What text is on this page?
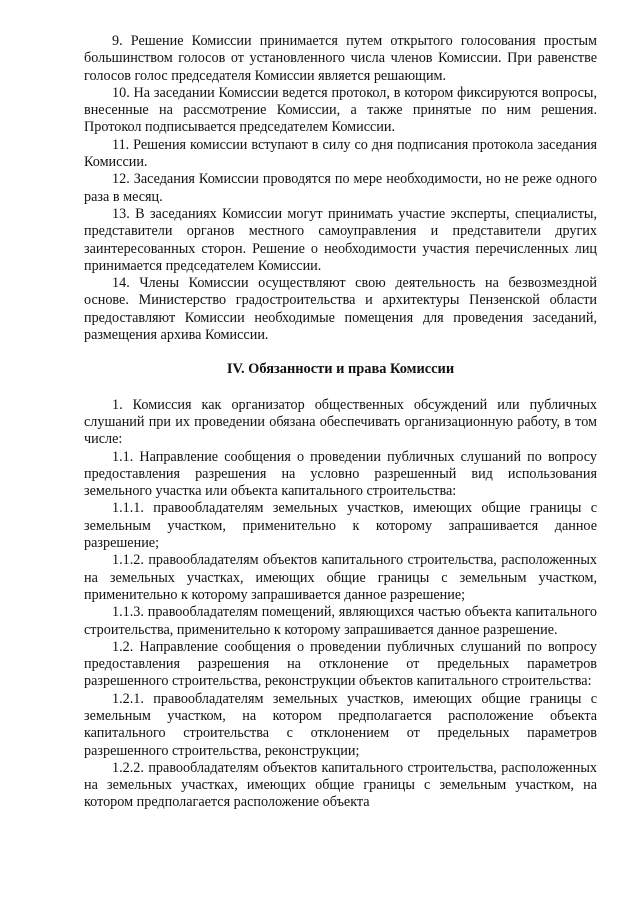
9. Решение Комиссии принимается путем открытого голосования простым большинством голосов от установленного числа членов Комиссии. При равенстве голосов голос председателя Комиссии является решающим.

10. На заседании Комиссии ведется протокол, в котором фиксируются вопросы, внесенные на рассмотрение Комиссии, а также принятые по ним решения. Протокол подписывается председателем Комиссии.

11. Решения комиссии вступают в силу со дня подписания протокола заседания Комиссии.

12. Заседания Комиссии проводятся по мере необходимости, но не реже одного раза в месяц.

13. В заседаниях Комиссии могут принимать участие эксперты, специалисты, представители органов местного самоуправления и представители других заинтересованных сторон. Решение о необходимости участия перечисленных лиц принимается председателем Комиссии.

14. Члены Комиссии осуществляют свою деятельность на безвозмездной основе. Министерство градостроительства и архитектуры Пензенской области предоставляют Комиссии необходимые помещения для проведения заседаний, размещения архива Комиссии.

IV. Обязанности и права Комиссии

1. Комиссия как организатор общественных обсуждений или публичных слушаний при их проведении обязана обеспечивать организационную работу, в том числе:

1.1. Направление сообщения о проведении публичных слушаний по вопросу предоставления разрешения на условно разрешенный вид использования земельного участка или объекта капитального строительства:

1.1.1. правообладателям земельных участков, имеющих общие границы с земельным участком, применительно к которому запрашивается данное разрешение;

1.1.2. правообладателям объектов капитального строительства, расположенных на земельных участках, имеющих общие границы с земельным участком, применительно к которому запрашивается данное разрешение;

1.1.3. правообладателям помещений, являющихся частью объекта капитального строительства, применительно к которому запрашивается данное разрешение.

1.2. Направление сообщения о проведении публичных слушаний по вопросу предоставления разрешения на отклонение от предельных параметров разрешенного строительства, реконструкции объектов капитального строительства:

1.2.1. правообладателям земельных участков, имеющих общие границы с земельным участком, на котором предполагается расположение объекта капитального строительства с отклонением от предельных параметров разрешенного строительства, реконструкции;

1.2.2. правообладателям объектов капитального строительства, расположенных на земельных участках, имеющих общие границы с земельным участком, на котором предполагается расположение объекта
